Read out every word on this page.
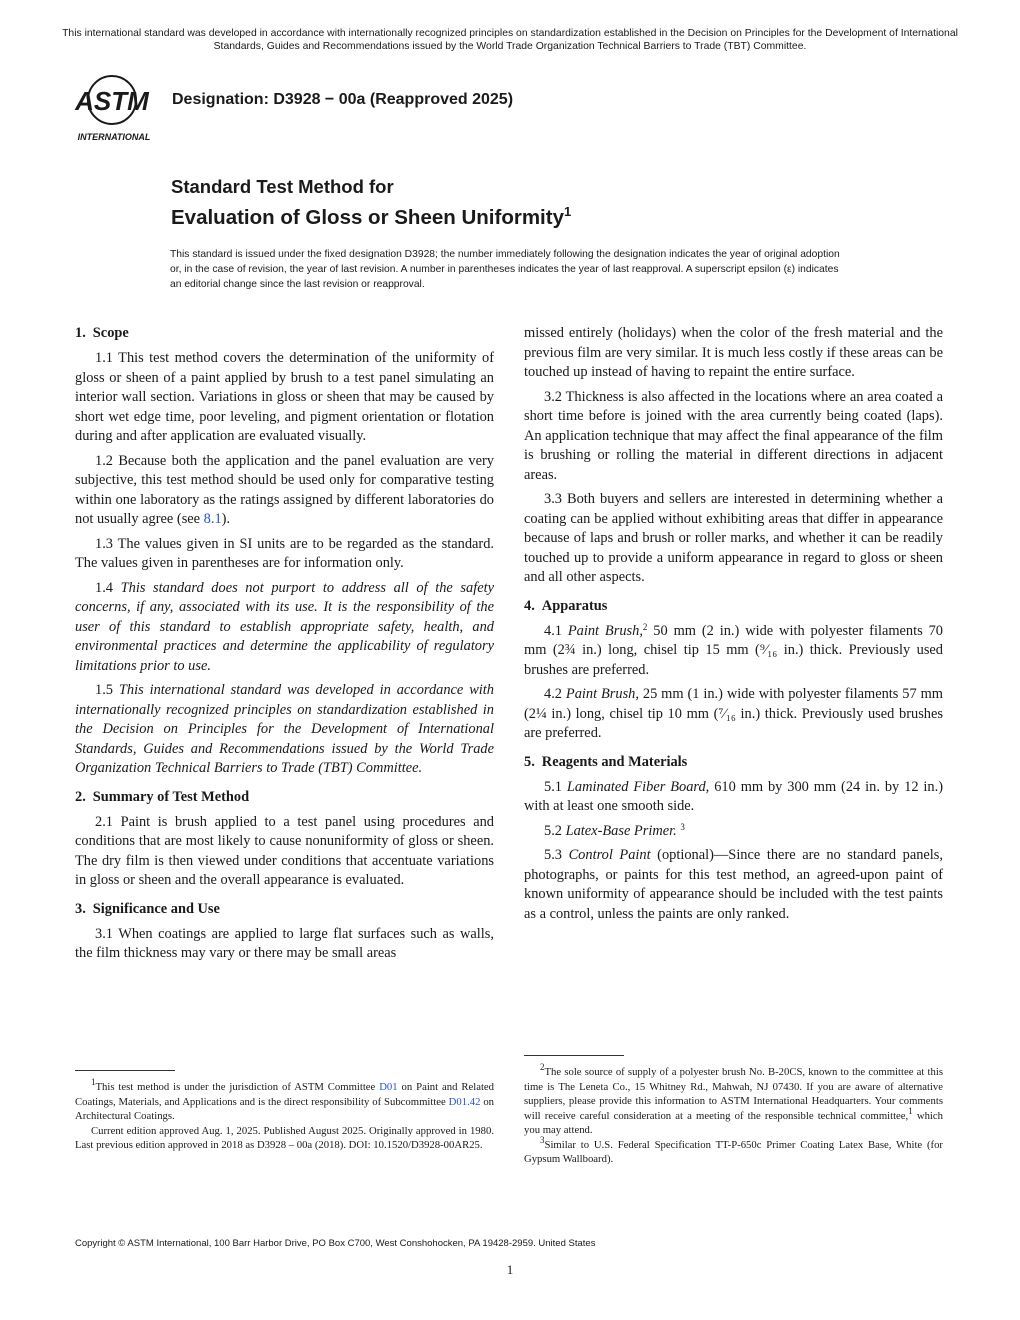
This international standard was developed in accordance with internationally recognized principles on standardization established in the Decision on Principles for the Development of International Standards, Guides and Recommendations issued by the World Trade Organization Technical Barriers to Trade (TBT) Committee.
ASTM
INTERNATIONAL
Designation: D3928 − 00a (Reapproved 2025)
Standard Test Method for
Evaluation of Gloss or Sheen Uniformity$^1$
This standard is issued under the fixed designation D3928; the number immediately following the designation indicates the year of original adoption or, in the case of revision, the year of last revision. A number in parentheses indicates the year of last reapproval. A superscript epsilon (ε) indicates an editorial change since the last revision or reapproval.
1. Scope

1.1 This test method covers the determination of the uniformity of gloss or sheen of a paint applied by brush to a test panel simulating an interior wall section. Variations in gloss or sheen that may be caused by short wet edge time, poor leveling, and pigment orientation or flotation during and after application are evaluated visually.

1.2 Because both the application and the panel evaluation are very subjective, this test method should be used only for comparative testing within one laboratory as the ratings assigned by different laboratories do not usually agree (see 8.1).

1.3 The values given in SI units are to be regarded as the standard. The values given in parentheses are for information only.

1.4 This standard does not purport to address all of the safety concerns, if any, associated with its use. It is the responsibility of the user of this standard to establish appropriate safety, health, and environmental practices and determine the applicability of regulatory limitations prior to use.

1.5 This international standard was developed in accordance with internationally recognized principles on standardization established in the Decision on Principles for the Development of International Standards, Guides and Recommendations issued by the World Trade Organization Technical Barriers to Trade (TBT) Committee.

2. Summary of Test Method

2.1 Paint is brush applied to a test panel using procedures and conditions that are most likely to cause nonuniformity of gloss or sheen. The dry film is then viewed under conditions that accentuate variations in gloss or sheen and the overall appearance is evaluated.

3. Significance and Use

3.1 When coatings are applied to large flat surfaces such as walls, the film thickness may vary or there may be small areas

missed entirely (holidays) when the color of the fresh material and the previous film are very similar. It is much less costly if these areas can be touched up instead of having to repaint the entire surface.

3.2 Thickness is also affected in the locations where an area coated a short time before is joined with the area currently being coated (laps). An application technique that may affect the final appearance of the film is brushing or rolling the material in different directions in adjacent areas.

3.3 Both buyers and sellers are interested in determining whether a coating can be applied without exhibiting areas that differ in appearance because of laps and brush or roller marks, and whether it can be readily touched up to provide a uniform appearance in regard to gloss or sheen and all other aspects.

4. Apparatus

4.1 Paint Brush,$^2$ 50 mm (2 in.) wide with polyester filaments 70 mm (2¾ in.) long, chisel tip 15 mm (⁹⁄₁₆ in.) thick. Previously used brushes are preferred.

4.2 Paint Brush, 25 mm (1 in.) wide with polyester filaments 57 mm (2¼ in.) long, chisel tip 10 mm (⁷⁄₁₆ in.) thick. Previously used brushes are preferred.

5. Reagents and Materials

5.1 Laminated Fiber Board, 610 mm by 300 mm (24 in. by 12 in.) with at least one smooth side.

5.2 Latex-Base Primer. $^3$

5.3 Control Paint (optional)—Since there are no standard panels, photographs, or paints for this test method, an agreed-upon paint of known uniformity of appearance should be included with the test paints as a control, unless the paints are only ranked.

$^1$This test method is under the jurisdiction of ASTM Committee D01 on Paint and Related Coatings, Materials, and Applications and is the direct responsibility of Subcommittee D01.42 on Architectural Coatings.

Current edition approved Aug. 1, 2025. Published August 2025. Originally approved in 1980. Last previous edition approved in 2018 as D3928 – 00a (2018). DOI: 10.1520/D3928-00AR25.

$^2$The sole source of supply of a polyester brush No. B-20CS, known to the committee at this time is The Leneta Co., 15 Whitney Rd., Mahwah, NJ 07430. If you are aware of alternative suppliers, please provide this information to ASTM International Headquarters. Your comments will receive careful consideration at a meeting of the responsible technical committee,$^1$ which you may attend.

$^3$Similar to U.S. Federal Specification TT-P-650c Primer Coating Latex Base, White (for Gypsum Wallboard).

Copyright © ASTM International, 100 Barr Harbor Drive, PO Box C700, West Conshohocken, PA 19428-2959. United States
1
